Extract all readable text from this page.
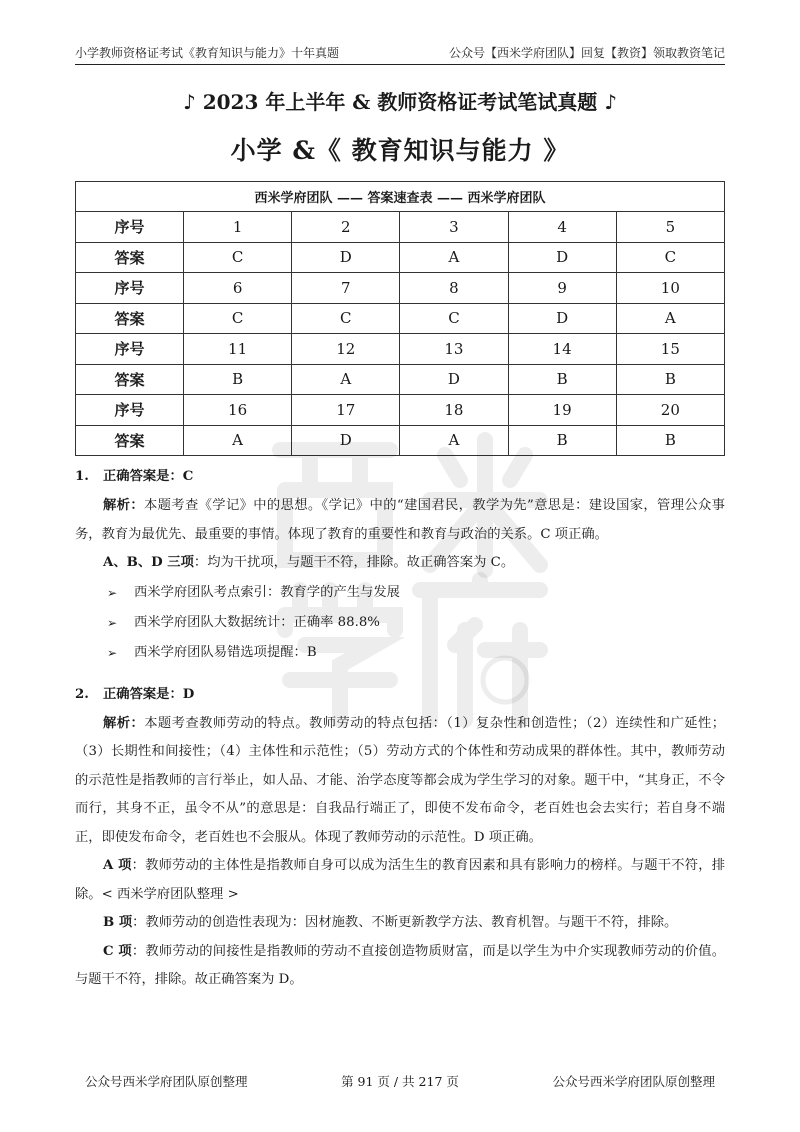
小学教师资格证考试《教育知识与能力》十年真题	公众号【西米学府团队】回复【教资】领取教资笔记
♪ 2023 年上半年 & 教师资格证考试笔试真题 ♪
小学 &《 教育知识与能力 》
西米学府团队 —— 答案速查表 —— 西米学府团队					
序号	1	2	3	4	5
答案	C	D	A	D	C
序号	6	7	8	9	10
答案	C	C	C	D	A
序号	11	12	13	14	15
答案	B	A	D	B	B
序号	16	17	18	19	20
答案	A	D	A	B	B

1. 正确答案是：C

解析：本题考查《学记》中的思想。《学记》中的“建国君民，教学为先”意思是：建设国家，管理公众事务，教育为最优先、最重要的事情。体现了教育的重要性和教育与政治的关系。C 项正确。

A、B、D 三项：均为干扰项，与题干不符，排除。故正确答案为 C。

➢ 西米学府团队考点索引：教育学的产生与发展

➢ 西米学府团队大数据统计：正确率 88.8%

➢ 西米学府团队易错选项提醒：B

2. 正确答案是：D

解析：本题考查教师劳动的特点。教师劳动的特点包括：（1）复杂性和创造性；（2）连续性和广延性；（3）长期性和间接性；（4）主体性和示范性；（5）劳动方式的个体性和劳动成果的群体性。其中，教师劳动的示范性是指教师的言行举止，如人品、才能、治学态度等都会成为学生学习的对象。题干中，“其身正，不令而行，其身不正，虽令不从”的意思是：自我品行端正了，即使不发布命令，老百姓也会去实行；若自身不端正，即使发布命令，老百姓也不会服从。体现了教师劳动的示范性。D 项正确。

A 项：教师劳动的主体性是指教师自身可以成为活生生的教育因素和具有影响力的榜样。与题干不符，排除。< 西米学府团队整理 >

B 项：教师劳动的创造性表现为：因材施教、不断更新教学方法、教育机智。与题干不符，排除。

C 项：教师劳动的间接性是指教师的劳动不直接创造物质财富，而是以学生为中介实现教师劳动的价值。与题干不符，排除。故正确答案为 D。

公众号西米学府团队原创整理	第 91 页 / 共 217 页	公众号西米学府团队原创整理
